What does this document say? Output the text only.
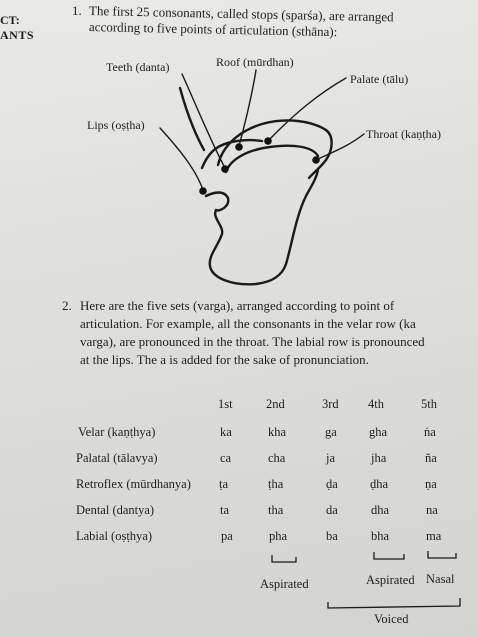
CT:
ANTS
1. The first 25 consonants, called stops (sparśa), are arranged
according to five points of articulation (sthāna):
Teeth (danta)	Roof (mūrdhan)
Palate (tālu)
Lips (oṣṭha)
Throat (kaṇṭha)
2. Here are the five sets (varga), arranged according to point of
articulation. For example, all the consonants in the velar row (ka
varga), are pronounced in the throat. The labial row is pronounced
at the lips. The a is added for the sake of pronunciation.
1st	2nd	3rd 4th	5th
Velar (kaṇṭhya)	ka	kha	ga	gha	ṅa
Palatal (tālavya)	ca	cha	ja	jha	ña
Retroflex (mūrdhanya) ṭa	ṭha	ḍa	ḍha	ṇa
Dental (dantya)	ta	tha	da	dha	na
Labial (oṣṭhya)	pa	pha	ba	bha	ma
Aspirated	Aspirated Nasal
Voiced
